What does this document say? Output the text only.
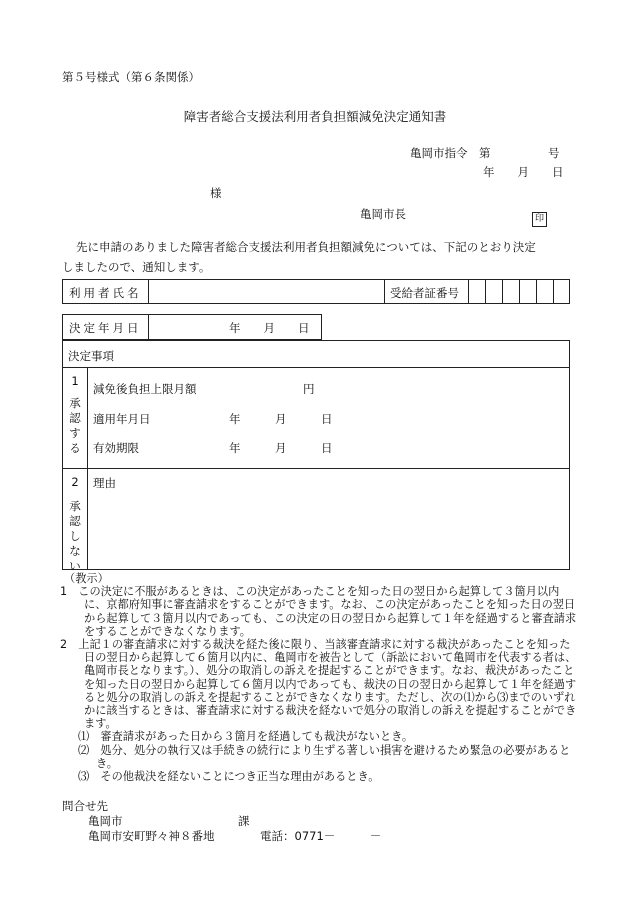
第５号様式（第６条関係）
障害者総合支援法利用者負担額減免決定通知書
亀岡市指令　第　　　　　号
年　　月　　日
様
亀岡市長	印
先に申請のありました障害者総合支援法利用者負担額減免については、下記のとおり決定
しましたので、通知します。
利用者氏名	受給者証番号
決定年月日	年　　月　　日
決定事項
1
承
認
す
る
減免後負担上限月額	円
適用年月日	年　　　月　　　日
有効期限	年　　　月　　　日
2
承
認
し
な
い
理由

（教示）

1　この決定に不服があるときは、この決定があったことを知った日の翌日から起算して３箇月以内に、京都府知事に審査請求をすることができます。なお、この決定があったことを知った日の翌日から起算して３箇月以内であっても、この決定の日の翌日から起算して１年を経過すると審査請求をすることができなくなります。

2　上記１の審査請求に対する裁決を経た後に限り、当該審査請求に対する裁決があったことを知った日の翌日から起算して６箇月以内に、亀岡市を被告として（訴訟において亀岡市を代表する者は、亀岡市長となります。）、処分の取消しの訴えを提起することができます。なお、裁決があったことを知った日の翌日から起算して６箇月以内であっても、裁決の日の翌日から起算して１年を経過すると処分の取消しの訴えを提起することができなくなります。ただし、次の⑴から⑶までのいずれかに該当するときは、審査請求に対する裁決を経ないで処分の取消しの訴えを提起することができます。

⑴　審査請求があった日から３箇月を経過しても裁決がないとき。

⑵　処分、処分の執行又は手続きの続行により生ずる著しい損害を避けるため緊急の必要があるとき。

⑶　その他裁決を経ないことにつき正当な理由があるとき。

問合せ先
亀岡市	課
亀岡市安町野々神８番地	電話：0771－　　　－
